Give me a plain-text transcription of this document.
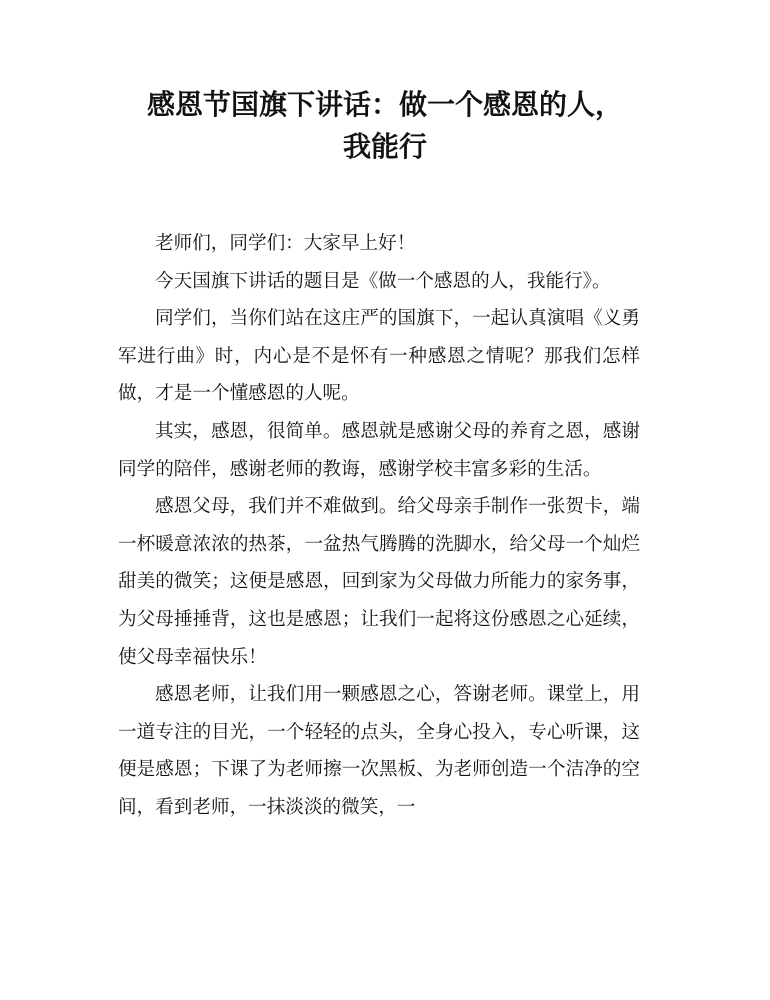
感恩节国旗下讲话：做一个感恩的人，
我能行

老师们，同学们：大家早上好！

今天国旗下讲话的题目是《做一个感恩的人，我能行》。

同学们，当你们站在这庄严的国旗下，一起认真演唱《义勇军进行曲》时，内心是不是怀有一种感恩之情呢？那我们怎样做，才是一个懂感恩的人呢。

其实，感恩，很简单。感恩就是感谢父母的养育之恩，感谢同学的陪伴，感谢老师的教诲，感谢学校丰富多彩的生活。

感恩父母，我们并不难做到。给父母亲手制作一张贺卡，端一杯暖意浓浓的热茶，一盆热气腾腾的洗脚水，给父母一个灿烂甜美的微笑；这便是感恩，回到家为父母做力所能力的家务事，为父母捶捶背，这也是感恩；让我们一起将这份感恩之心延续，使父母幸福快乐！

感恩老师，让我们用一颗感恩之心，答谢老师。课堂上，用一道专注的目光，一个轻轻的点头，全身心投入，专心听课，这便是感恩；下课了为老师擦一次黑板、为老师创造一个洁净的空间，看到老师，一抹淡淡的微笑，一
